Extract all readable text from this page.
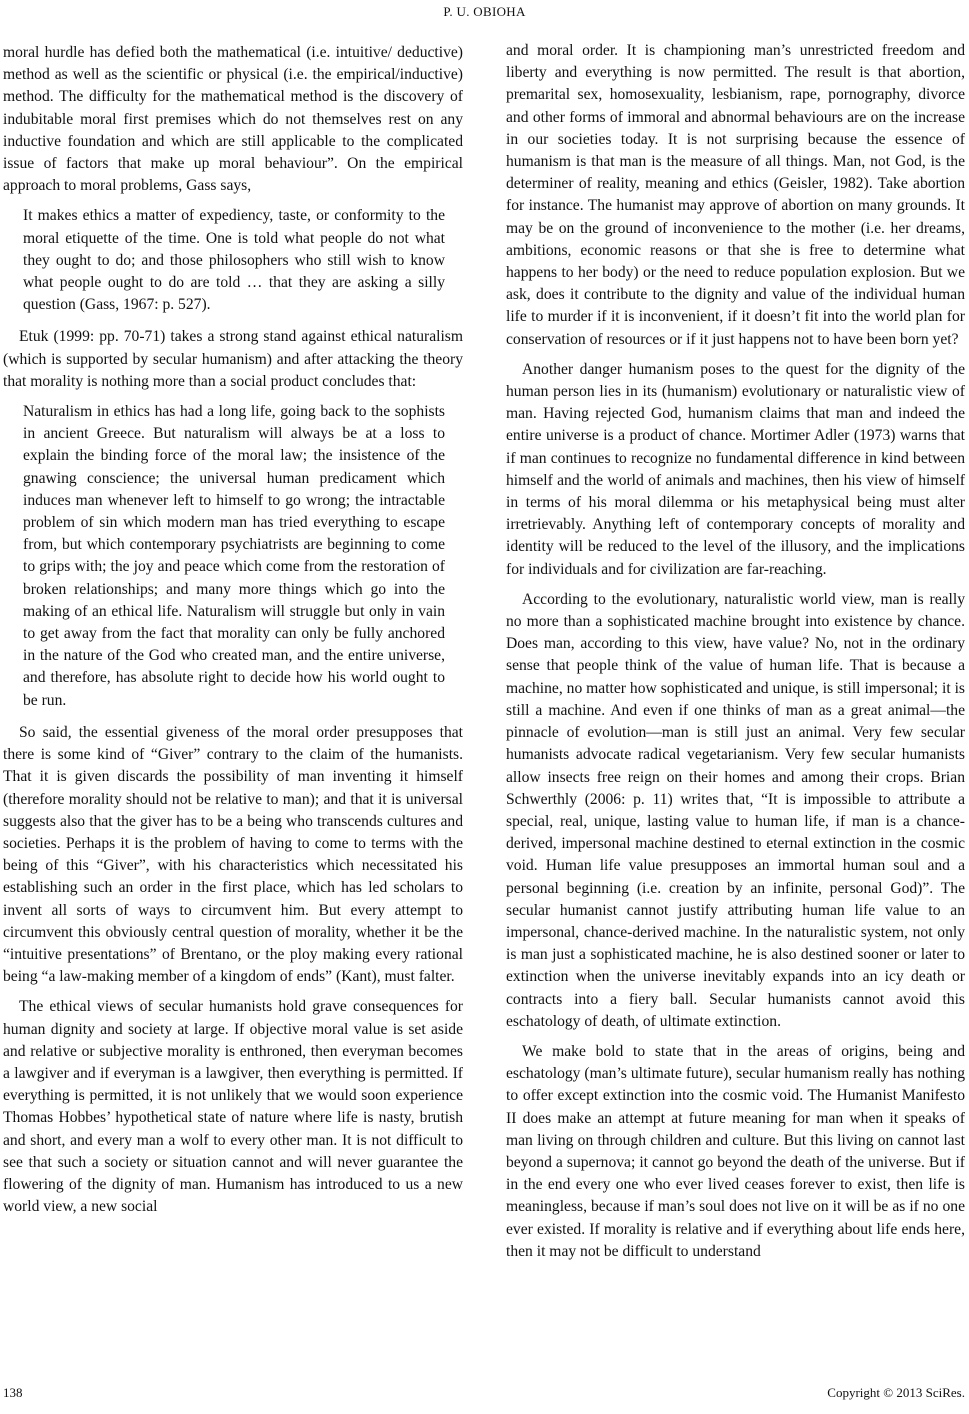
P. U. OBIOHA

moral hurdle has defied both the mathematical (i.e. intuitive/ deductive) method as well as the scientific or physical (i.e. the empirical/inductive) method. The difficulty for the mathematical method is the discovery of indubitable moral first premises which do not themselves rest on any inductive foundation and which are still applicable to the complicated issue of factors that make up moral behaviour”. On the empirical approach to moral problems, Gass says,

It makes ethics a matter of expediency, taste, or conformity to the moral etiquette of the time. One is told what people do not what they ought to do; and those philosophers who still wish to know what people ought to do are told … that they are asking a silly question (Gass, 1967: p. 527).

Etuk (1999: pp. 70-71) takes a strong stand against ethical naturalism (which is supported by secular humanism) and after attacking the theory that morality is nothing more than a social product concludes that:

Naturalism in ethics has had a long life, going back to the sophists in ancient Greece. But naturalism will always be at a loss to explain the binding force of the moral law; the insistence of the gnawing conscience; the universal human predicament which induces man whenever left to himself to go wrong; the intractable problem of sin which modern man has tried everything to escape from, but which contemporary psychiatrists are beginning to come to grips with; the joy and peace which come from the restoration of broken relationships; and many more things which go into the making of an ethical life. Naturalism will struggle but only in vain to get away from the fact that morality can only be fully anchored in the nature of the God who created man, and the entire universe, and therefore, has absolute right to decide how his world ought to be run.

So said, the essential giveness of the moral order presupposes that there is some kind of “Giver” contrary to the claim of the humanists. That it is given discards the possibility of man inventing it himself (therefore morality should not be relative to man); and that it is universal suggests also that the giver has to be a being who transcends cultures and societies. Perhaps it is the problem of having to come to terms with the being of this “Giver”, with his characteristics which necessitated his establishing such an order in the first place, which has led scholars to invent all sorts of ways to circumvent him. But every attempt to circumvent this obviously central question of morality, whether it be the “intuitive presentations” of Brentano, or the ploy making every rational being “a law-making member of a kingdom of ends” (Kant), must falter.

The ethical views of secular humanists hold grave consequences for human dignity and society at large. If objective moral value is set aside and relative or subjective morality is enthroned, then everyman becomes a lawgiver and if everyman is a lawgiver, then everything is permitted. If everything is permitted, it is not unlikely that we would soon experience Thomas Hobbes’ hypothetical state of nature where life is nasty, brutish and short, and every man a wolf to every other man. It is not difficult to see that such a society or situation cannot and will never guarantee the flowering of the dignity of man. Humanism has introduced to us a new world view, a new social

and moral order. It is championing man’s unrestricted freedom and liberty and everything is now permitted. The result is that abortion, premarital sex, homosexuality, lesbianism, rape, pornography, divorce and other forms of immoral and abnormal behaviours are on the increase in our societies today. It is not surprising because the essence of humanism is that man is the measure of all things. Man, not God, is the determiner of reality, meaning and ethics (Geisler, 1982). Take abortion for instance. The humanist may approve of abortion on many grounds. It may be on the ground of inconvenience to the mother (i.e. her dreams, ambitions, economic reasons or that she is free to determine what happens to her body) or the need to reduce population explosion. But we ask, does it contribute to the dignity and value of the individual human life to murder if it is inconvenient, if it doesn’t fit into the world plan for conservation of resources or if it just happens not to have been born yet?

Another danger humanism poses to the quest for the dignity of the human person lies in its (humanism) evolutionary or naturalistic view of man. Having rejected God, humanism claims that man and indeed the entire universe is a product of chance. Mortimer Adler (1973) warns that if man continues to recognize no fundamental difference in kind between himself and the world of animals and machines, then his view of himself in terms of his moral dilemma or his metaphysical being must alter irretrievably. Anything left of contemporary concepts of morality and identity will be reduced to the level of the illusory, and the implications for individuals and for civilization are far-reaching.

According to the evolutionary, naturalistic world view, man is really no more than a sophisticated machine brought into existence by chance. Does man, according to this view, have value? No, not in the ordinary sense that people think of the value of human life. That is because a machine, no matter how sophisticated and unique, is still impersonal; it is still a machine. And even if one thinks of man as a great animal—the pinnacle of evolution—man is still just an animal. Very few secular humanists advocate radical vegetarianism. Very few secular humanists allow insects free reign on their homes and among their crops. Brian Schwerthly (2006: p. 11) writes that, “It is impossible to attribute a special, real, unique, lasting value to human life, if man is a chance-derived, impersonal machine destined to eternal extinction in the cosmic void. Human life value presupposes an immortal human soul and a personal beginning (i.e. creation by an infinite, personal God)”. The secular humanist cannot justify attributing human life value to an impersonal, chance-derived machine. In the naturalistic system, not only is man just a sophisticated machine, he is also destined sooner or later to extinction when the universe inevitably expands into an icy death or contracts into a fiery ball. Secular humanists cannot avoid this eschatology of death, of ultimate extinction.

We make bold to state that in the areas of origins, being and eschatology (man’s ultimate future), secular humanism really has nothing to offer except extinction into the cosmic void. The Humanist Manifesto II does make an attempt at future meaning for man when it speaks of man living on through children and culture. But this living on cannot last beyond a supernova; it cannot go beyond the death of the universe. But if in the end every one who ever lived ceases forever to exist, then life is meaningless, because if man’s soul does not live on it will be as if no one ever existed. If morality is relative and if everything about life ends here, then it may not be difficult to understand

138	Copyright © 2013 SciRes.
